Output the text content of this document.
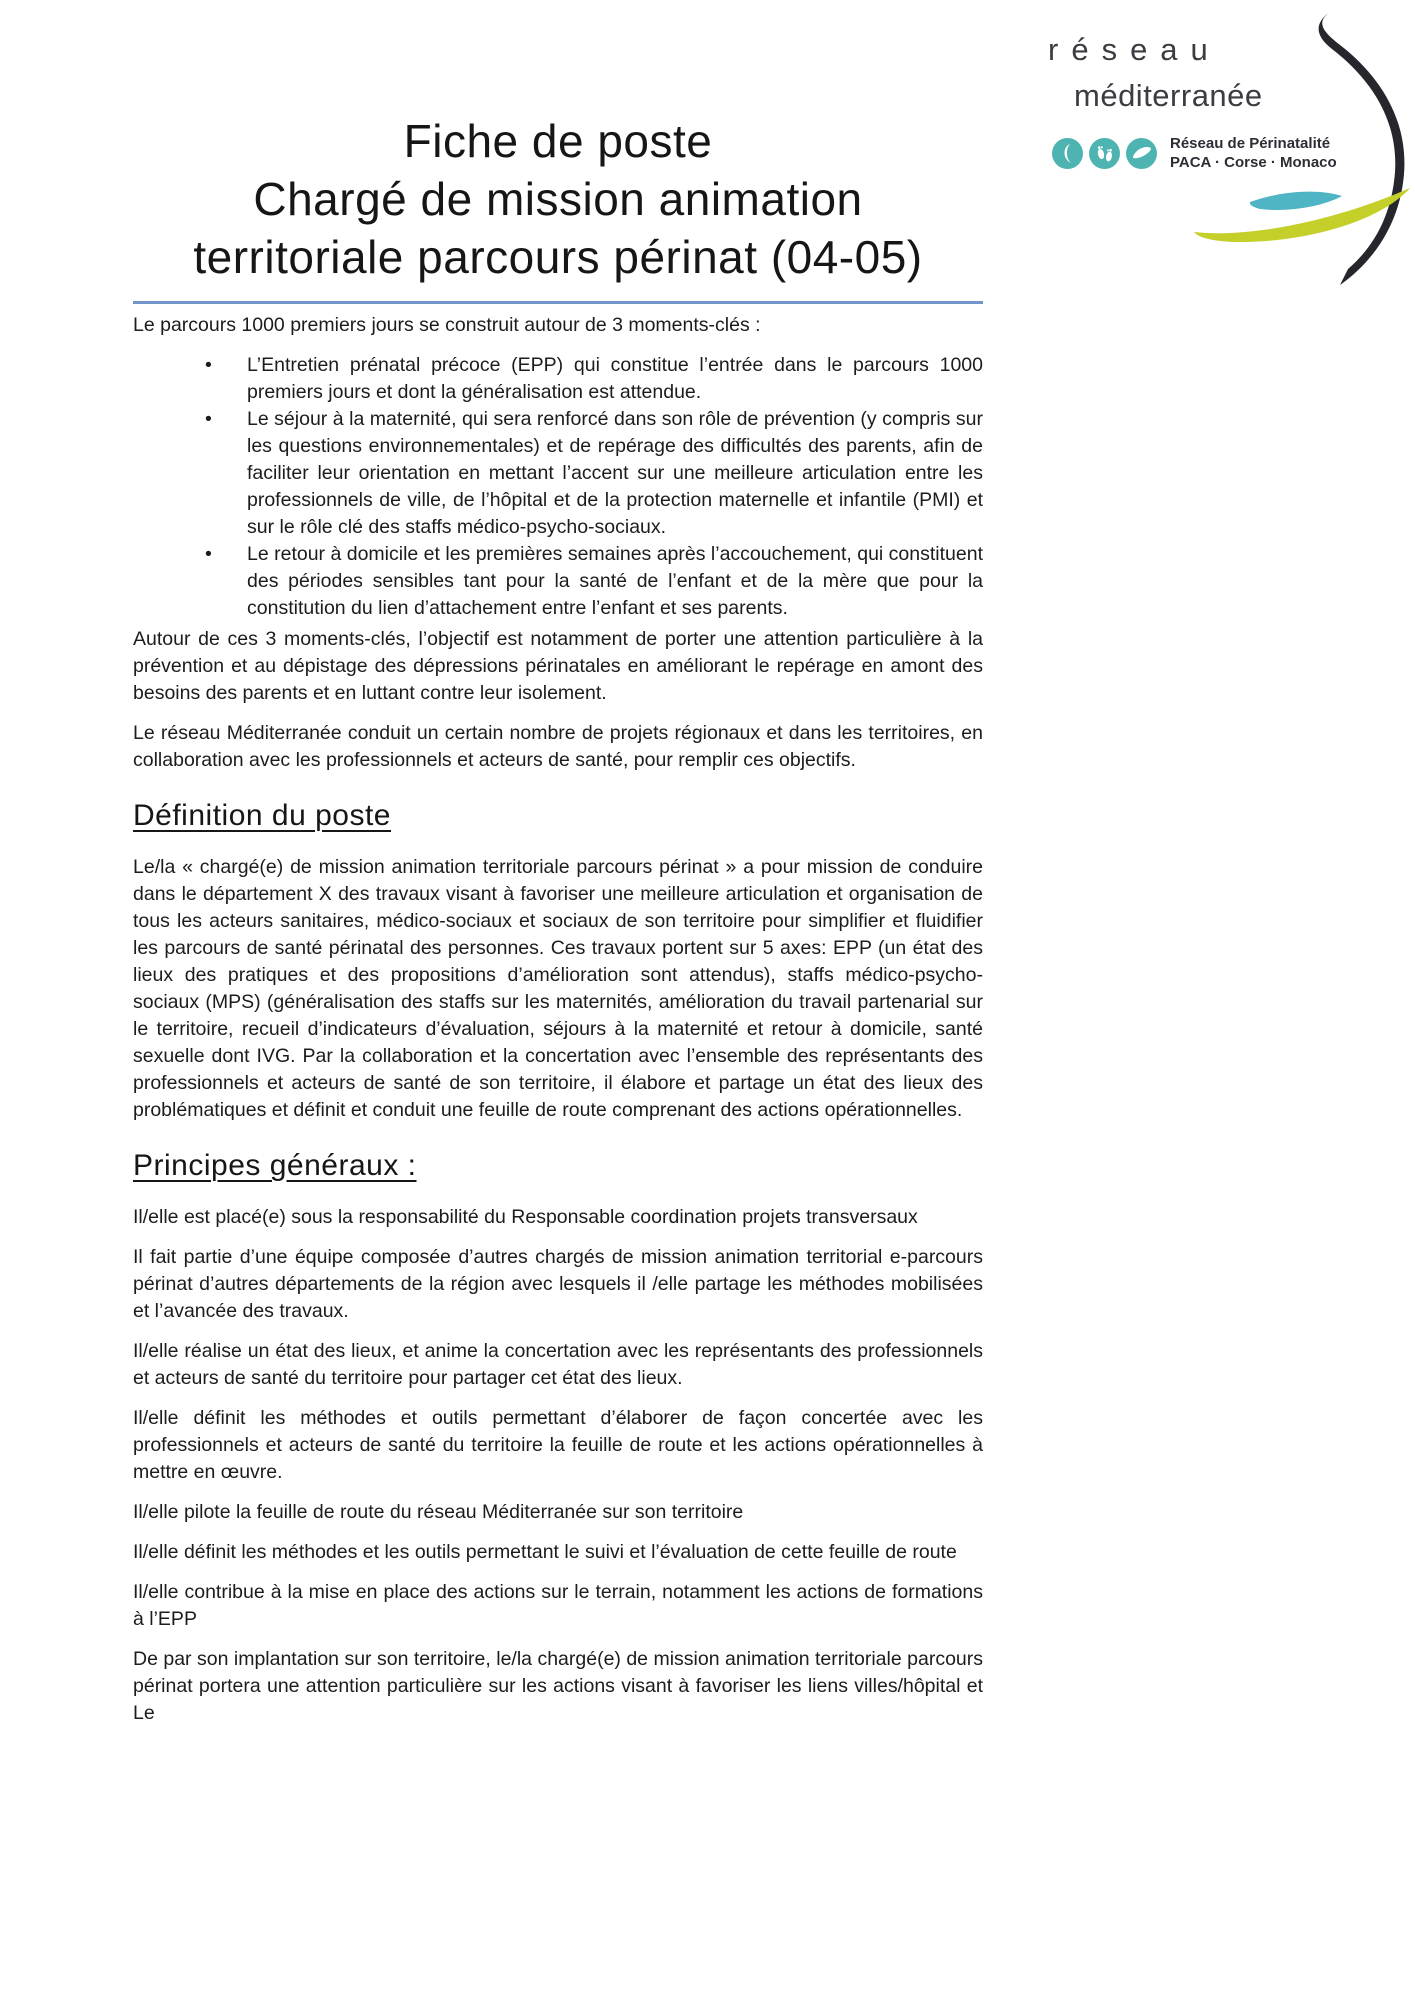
réseau
méditerranée
Réseau de Périnatalité
PACA · Corse · Monaco
Fiche de poste
Chargé de mission animation
territoriale parcours périnat (04-05)

Le parcours 1000 premiers jours se construit autour de 3 moments-clés :

• L’Entretien prénatal précoce (EPP) qui constitue l’entrée dans le parcours 1000 premiers jours et dont la généralisation est attendue.
• Le séjour à la maternité, qui sera renforcé dans son rôle de prévention (y compris sur les questions environnementales) et de repérage des difficultés des parents, afin de faciliter leur orientation en mettant l’accent sur une meilleure articulation entre les professionnels de ville, de l’hôpital et de la protection maternelle et infantile (PMI) et sur le rôle clé des staffs médico-psycho-sociaux.
• Le retour à domicile et les premières semaines après l’accouchement, qui constituent des périodes sensibles tant pour la santé de l’enfant et de la mère que pour la constitution du lien d’attachement entre l’enfant et ses parents.

Autour de ces 3 moments-clés, l’objectif est notamment de porter une attention particulière à la prévention et au dépistage des dépressions périnatales en améliorant le repérage en amont des besoins des parents et en luttant contre leur isolement.

Le réseau Méditerranée conduit un certain nombre de projets régionaux et dans les territoires, en collaboration avec les professionnels et acteurs de santé, pour remplir ces objectifs.

Définition du poste

Le/la « chargé(e) de mission animation territoriale parcours périnat » a pour mission de conduire dans le département X des travaux visant à favoriser une meilleure articulation et organisation de tous les acteurs sanitaires, médico-sociaux et sociaux de son territoire pour simplifier et fluidifier les parcours de santé périnatal des personnes. Ces travaux portent sur 5 axes: EPP (un état des lieux des pratiques et des propositions d’amélioration sont attendus), staffs médico-psycho-sociaux (MPS) (généralisation des staffs sur les maternités, amélioration du travail partenarial sur le territoire, recueil d’indicateurs d’évaluation, séjours à la maternité et retour à domicile, santé sexuelle dont IVG. Par la collaboration et la concertation avec l’ensemble des représentants des professionnels et acteurs de santé de son territoire, il élabore et partage un état des lieux des problématiques et définit et conduit une feuille de route comprenant des actions opérationnelles.

Principes généraux :

Il/elle est placé(e) sous la responsabilité du Responsable coordination projets transversaux

Il fait partie d’une équipe composée d’autres chargés de mission animation territorial e-parcours périnat d’autres départements de la région avec lesquels il /elle partage les méthodes mobilisées et l’avancée des travaux.

Il/elle réalise un état des lieux, et anime la concertation avec les représentants des professionnels et acteurs de santé du territoire pour partager cet état des lieux.

Il/elle définit les méthodes et outils permettant d’élaborer de façon concertée avec les professionnels et acteurs de santé du territoire la feuille de route et les actions opérationnelles à mettre en œuvre.

Il/elle pilote la feuille de route du réseau Méditerranée sur son territoire

Il/elle définit les méthodes et les outils permettant le suivi et l’évaluation de cette feuille de route

Il/elle contribue à la mise en place des actions sur le terrain, notamment les actions de formations à l’EPP

De par son implantation sur son territoire, le/la chargé(e) de mission animation territoriale parcours périnat portera une attention particulière sur les actions visant à favoriser les liens villes/hôpital et Le
